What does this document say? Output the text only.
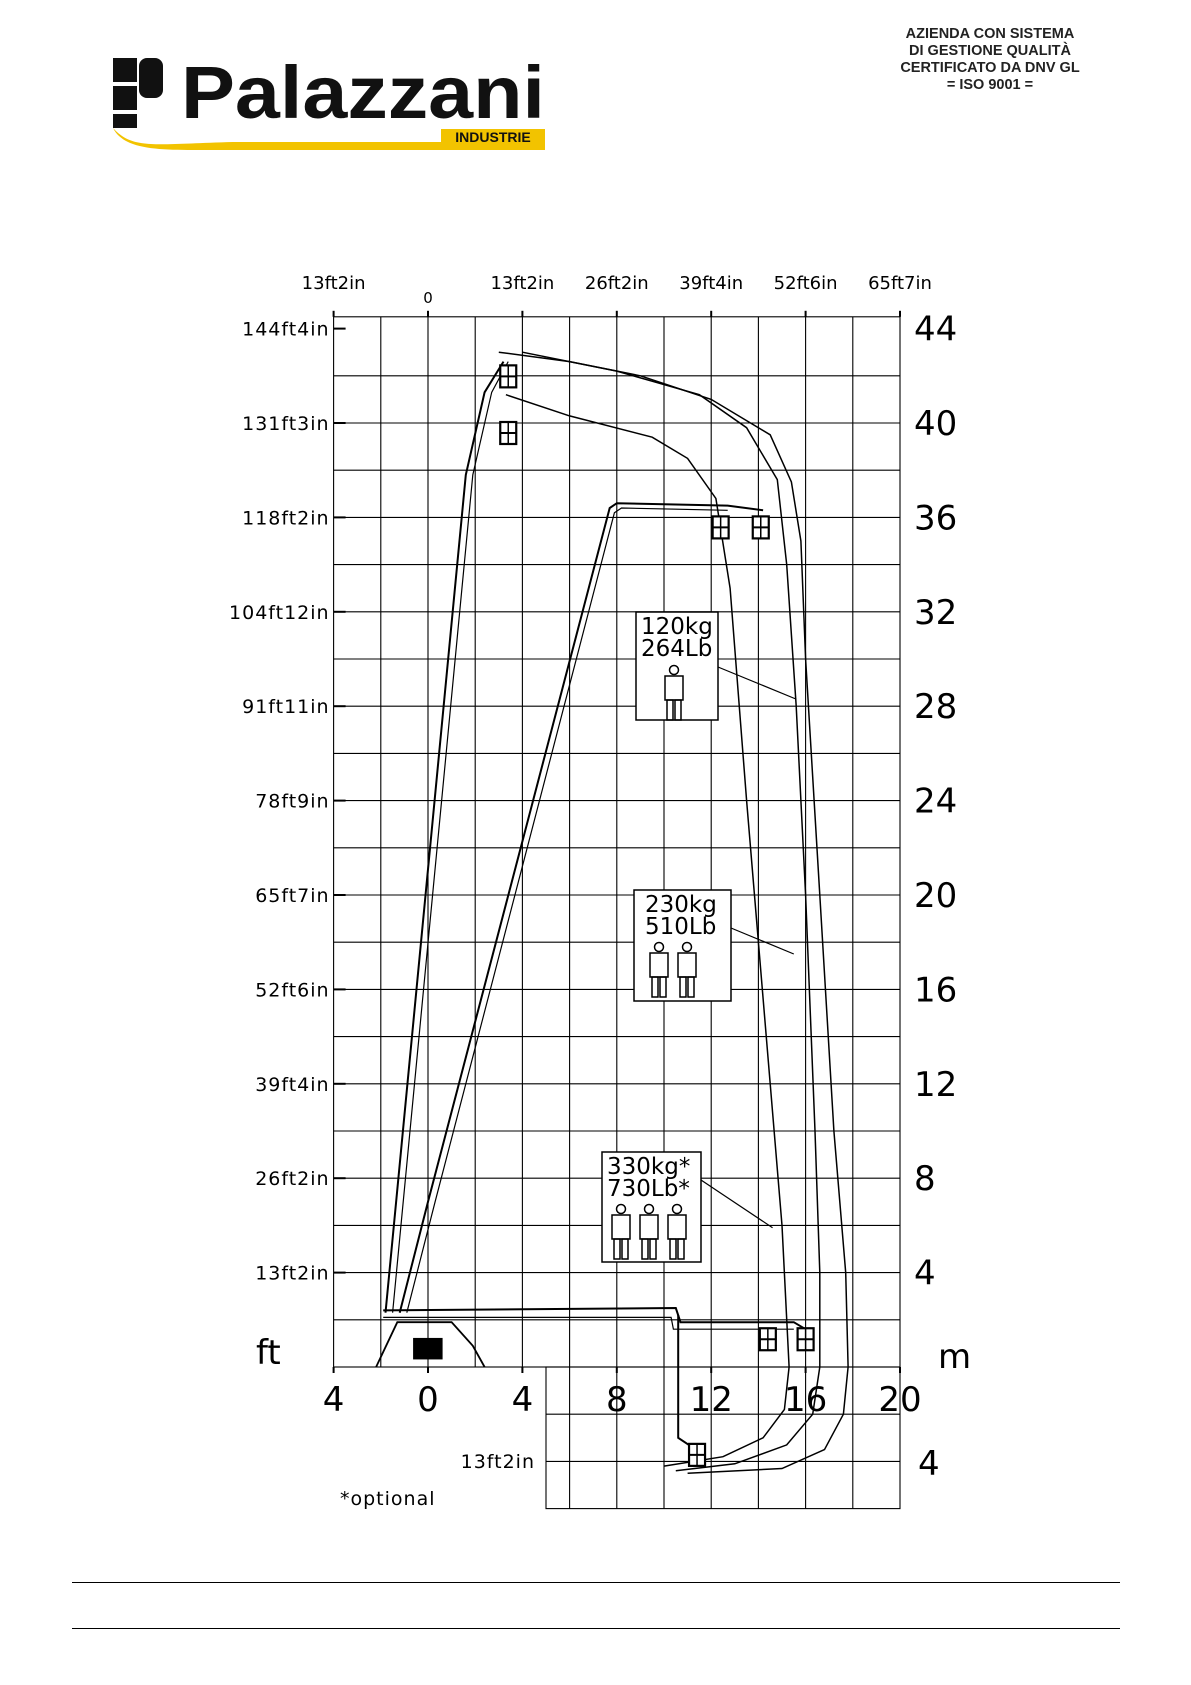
Palazzani
INDUSTRIE
AZIENDA CON SISTEMA
DI GESTIONE QUALITÀ
CERTIFICATO DA DNV GL
= ISO 9001 =
13ft2in
0
13ft2in 26ft2in 39ft4in 52ft6in 65ft7in
144ft4in
131ft3in
118ft2in
104ft12in
91ft11in
78ft9in
65ft7in
52ft6in
39ft4in
26ft2in
13ft2in
44
40
36
32
28
24
20
16
12
8
4
4 0 4 8 12 16 20
ft	m
4
13ft2in
*optional
120kg
264Lb
230kg
510Lb
330kg*
730Lb*
